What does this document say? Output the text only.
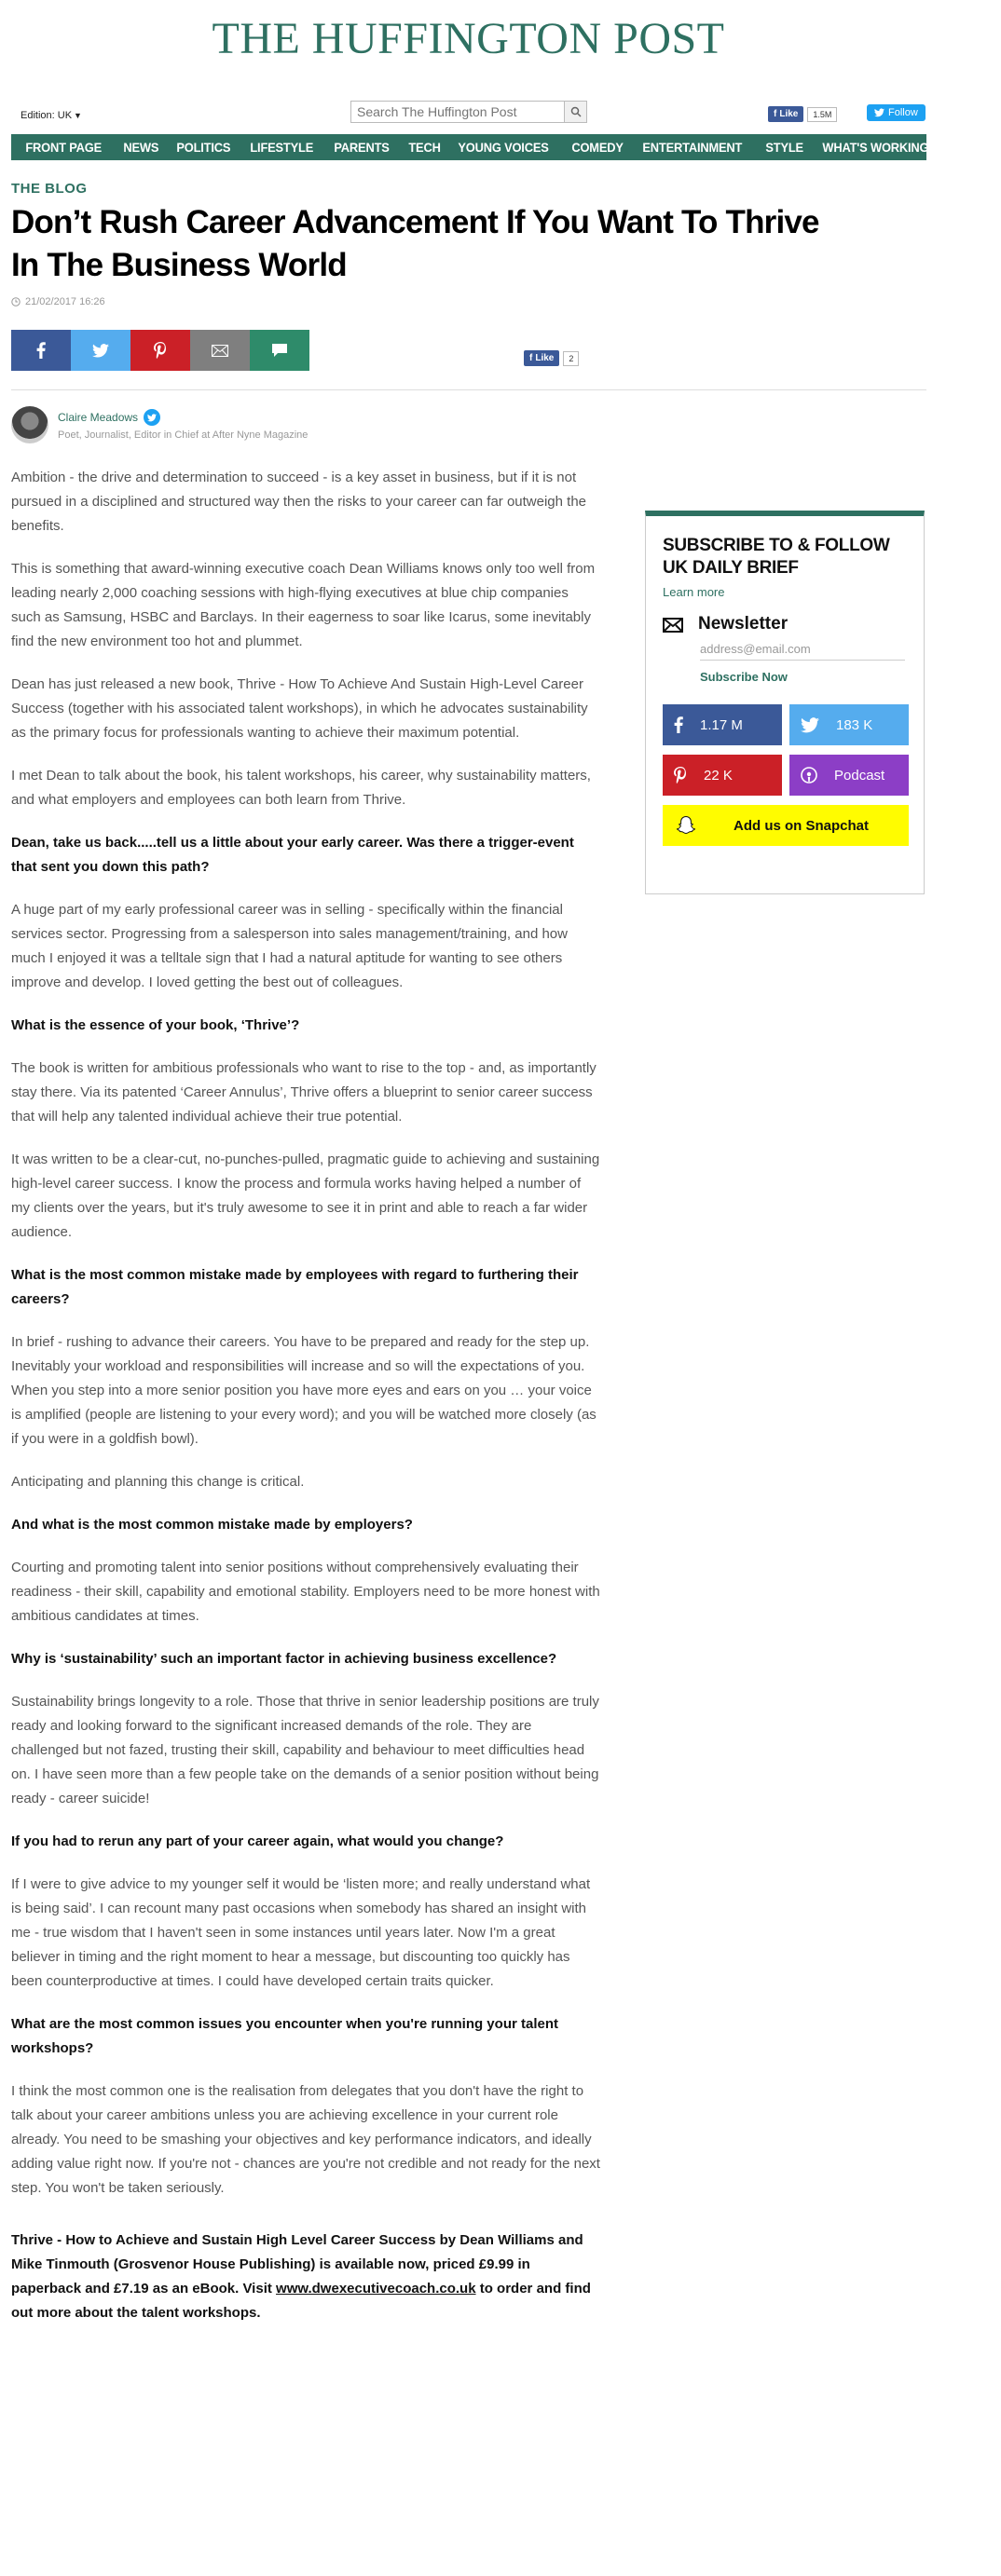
THE HUFFINGTON POST
Edition: UK ▼
Search The Huffington Post	f Like	1.5M	Follow
FRONT PAGE	NEWS	POLITICS	LIFESTYLE	PARENTS	TECH	YOUNG VOICES	COMEDY	ENTERTAINMENT	STYLE	WHAT'S WORKING	BLOGS
THE BLOG
Don’t Rush Career Advancement If You Want To Thrive In The Business World
21/02/2017 16:26
f Like	2
Claire Meadows
Poet, Journalist, Editor in Chief at After Nyne Magazine

Ambition - the drive and determination to succeed - is a key asset in business, but if it is not pursued in a disciplined and structured way then the risks to your career can far outweigh the benefits.

This is something that award-winning executive coach Dean Williams knows only too well from leading nearly 2,000 coaching sessions with high-flying executives at blue chip companies such as Samsung, HSBC and Barclays. In their eagerness to soar like Icarus, some inevitably find the new environment too hot and plummet.

Dean has just released a new book, Thrive - How To Achieve And Sustain High-Level Career Success (together with his associated talent workshops), in which he advocates sustainability as the primary focus for professionals wanting to achieve their maximum potential.

I met Dean to talk about the book, his talent workshops, his career, why sustainability matters, and what employers and employees can both learn from Thrive.

Dean, take us back.....tell us a little about your early career. Was there a trigger-event that sent you down this path?

A huge part of my early professional career was in selling - specifically within the financial services sector. Progressing from a salesperson into sales management/training, and how much I enjoyed it was a telltale sign that I had a natural aptitude for wanting to see others improve and develop. I loved getting the best out of colleagues.

What is the essence of your book, ‘Thrive’?

The book is written for ambitious professionals who want to rise to the top - and, as importantly stay there. Via its patented ‘Career Annulus’, Thrive offers a blueprint to senior career success that will help any talented individual achieve their true potential.

It was written to be a clear-cut, no-punches-pulled, pragmatic guide to achieving and sustaining high-level career success. I know the process and formula works having helped a number of my clients over the years, but it's truly awesome to see it in print and able to reach a far wider audience.

What is the most common mistake made by employees with regard to furthering their careers?

In brief - rushing to advance their careers. You have to be prepared and ready for the step up. Inevitably your workload and responsibilities will increase and so will the expectations of you. When you step into a more senior position you have more eyes and ears on you … your voice is amplified (people are listening to your every word); and you will be watched more closely (as if you were in a goldfish bowl).

Anticipating and planning this change is critical.

And what is the most common mistake made by employers?

Courting and promoting talent into senior positions without comprehensively evaluating their readiness - their skill, capability and emotional stability. Employers need to be more honest with ambitious candidates at times.

Why is ‘sustainability’ such an important factor in achieving business excellence?

Sustainability brings longevity to a role. Those that thrive in senior leadership positions are truly ready and looking forward to the significant increased demands of the role. They are challenged but not fazed, trusting their skill, capability and behaviour to meet difficulties head on. I have seen more than a few people take on the demands of a senior position without being ready - career suicide!

If you had to rerun any part of your career again, what would you change?

If I were to give advice to my younger self it would be ‘listen more; and really understand what is being said’. I can recount many past occasions when somebody has shared an insight with me - true wisdom that I haven't seen in some instances until years later. Now I'm a great believer in timing and the right moment to hear a message, but discounting too quickly has been counterproductive at times. I could have developed certain traits quicker.

What are the most common issues you encounter when you're running your talent workshops?

I think the most common one is the realisation from delegates that you don't have the right to talk about your career ambitions unless you are achieving excellence in your current role already. You need to be smashing your objectives and key performance indicators, and ideally adding value right now. If you're not - chances are you're not credible and not ready for the next step. You won't be taken seriously.

Thrive - How to Achieve and Sustain High Level Career Success by Dean Williams and Mike Tinmouth (Grosvenor House Publishing) is available now, priced £9.99 in paperback and £7.19 as an eBook. Visit www.dwexecutivecoach.co.uk to order and find out more about the talent workshops.

SUBSCRIBE TO & FOLLOW UK DAILY BRIEF
Learn more
Newsletter
address@email.com
Subscribe Now
1.17 M	183 K
22 K	Podcast
Add us on Snapchat
